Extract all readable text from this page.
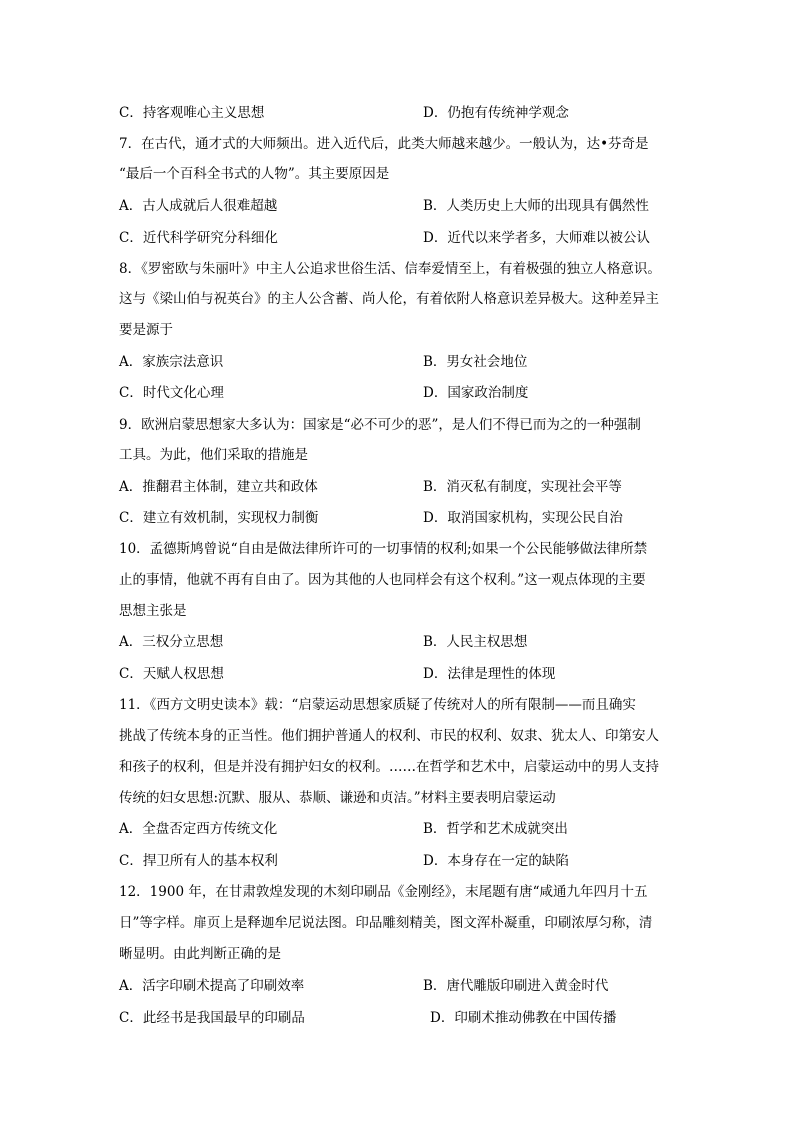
C．持客观唯心主义思想	D．仍抱有传统神学观念
7．在古代，通才式的大师频出。进入近代后，此类大师越来越少。一般认为，达•芬奇是
“最后一个百科全书式的人物”。其主要原因是
A．古人成就后人很难超越	B．人类历史上大师的出现具有偶然性
C．近代科学研究分科细化	D．近代以来学者多，大师难以被公认
8．《罗密欧与朱丽叶》中主人公追求世俗生活、信奉爱情至上，有着极强的独立人格意识。
这与《梁山伯与祝英台》的主人公含蓄、尚人伦，有着依附人格意识差异极大。这种差异主
要是源于
A．家族宗法意识	B．男女社会地位
C．时代文化心理	D．国家政治制度
9．欧洲启蒙思想家大多认为：国家是“必不可少的恶”，是人们不得已而为之的一种强制
工具。为此，他们采取的措施是
A．推翻君主体制，建立共和政体	B．消灭私有制度，实现社会平等
C．建立有效机制，实现权力制衡	D．取消国家机构，实现公民自治
10．孟德斯鸠曾说“自由是做法律所许可的一切事情的权利;如果一个公民能够做法律所禁
止的事情，他就不再有自由了。因为其他的人也同样会有这个权利。”这一观点体现的主要
思想主张是
A．三权分立思想	B．人民主权思想
C．天赋人权思想	D．法律是理性的体现
11．《西方文明史读本》载：“启蒙运动思想家质疑了传统对人的所有限制——而且确实
挑战了传统本身的正当性。他们拥护普通人的权利、市民的权利、奴隶、犹太人、印第安人
和孩子的权利，但是并没有拥护妇女的权利。……在哲学和艺术中，启蒙运动中的男人支持
传统的妇女思想:沉默、服从、恭顺、谦逊和贞洁。”材料主要表明启蒙运动
A．全盘否定西方传统文化	B．哲学和艺术成就突出
C．捍卫所有人的基本权利	D．本身存在一定的缺陷
12．1900 年，在甘肃敦煌发现的木刻印刷品《金刚经》，末尾题有唐“咸通九年四月十五
日”等字样。扉页上是释迦牟尼说法图。印品雕刻精美，图文浑朴凝重，印刷浓厚匀称，清
晰显明。由此判断正确的是
A．活字印刷术提高了印刷效率	B．唐代雕版印刷进入黄金时代
C．此经书是我国最早的印刷品	D．印刷术推动佛教在中国传播
